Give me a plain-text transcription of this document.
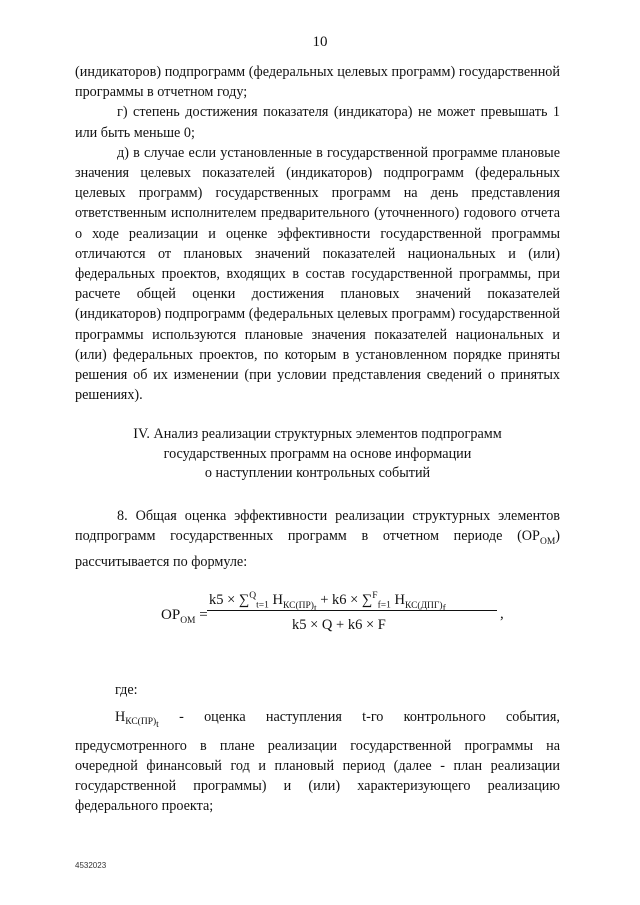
10

(индикаторов) подпрограмм (федеральных целевых программ) государственной программы в отчетном году;

г) степень достижения показателя (индикатора) не может превышать 1 или быть меньше 0;

д) в случае если установленные в государственной программе плановые значения целевых показателей (индикаторов) подпрограмм (федеральных целевых программ) государственных программ на день представления ответственным исполнителем предварительного (уточненного) годового отчета о ходе реализации и оценке эффективности государственной программы отличаются от плановых значений показателей национальных и (или) федеральных проектов, входящих в состав государственной программы, при расчете общей оценки достижения плановых значений показателей (индикаторов) подпрограмм (федеральных целевых программ) государственной программы используются плановые значения показателей национальных и (или) федеральных проектов, по которым в установленном порядке приняты решения об их изменении (при условии представления сведений о принятых решениях).

IV. Анализ реализации структурных элементов подпрограмм
государственных программ на основе информации
о наступлении контрольных событий

8. Общая оценка эффективности реализации структурных элементов подпрограмм государственных программ в отчетном периоде $(ОР_{ОМ})$ рассчитывается по формуле:

$ОР_{ОМ}$ =
k5 × ∑$^Q_{t=1}$ $Н_{КС(ПР)_t} + k6 \times \sum^F_{f=1}$ $Н_{КС(ДПГ)_f}$
k5 × Q + k6 × F
,
где:
$Н_{КС(ПР)_t}$
- оценка наступления t-го контрольного события,

предусмотренного в плане реализации государственной программы на очередной финансовый год и плановый период (далее - план реализации государственной программы) и (или) характеризующего реализацию федерального проекта;

4532023
